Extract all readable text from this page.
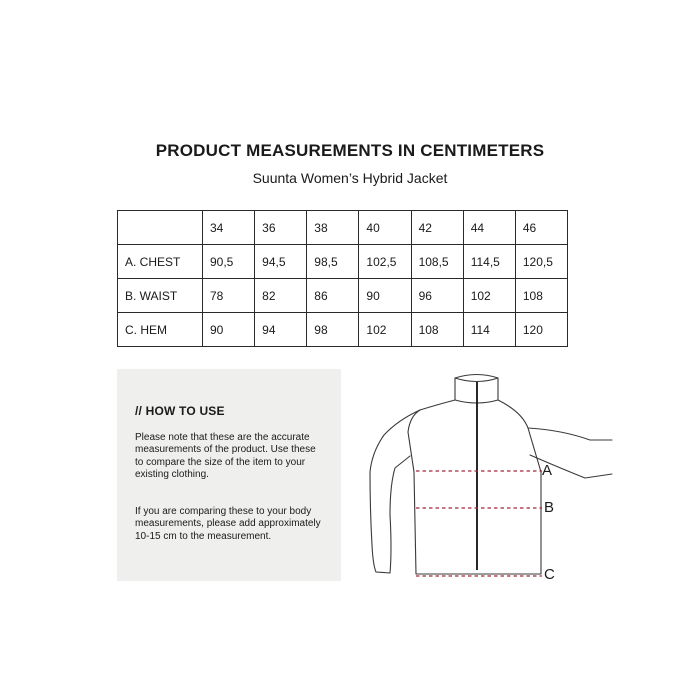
PRODUCT MEASUREMENTS IN CENTIMETERS
Suunta Women’s Hybrid Jacket
	34	36	38	40	42	44	46
A. CHEST	90,5	94,5	98,5	102,5	108,5	114,5	120,5
B. WAIST	78	82	86	90	96	102	108
C. HEM	90	94	98	102	108	114	120
// HOW TO USE

Please note that these are the accurate measurements of the product. Use these to compare the size of the item to your existing clothing.

If you are comparing these to your body measurements, please add approximately 10-15 cm to the measurement.

A
B
C
